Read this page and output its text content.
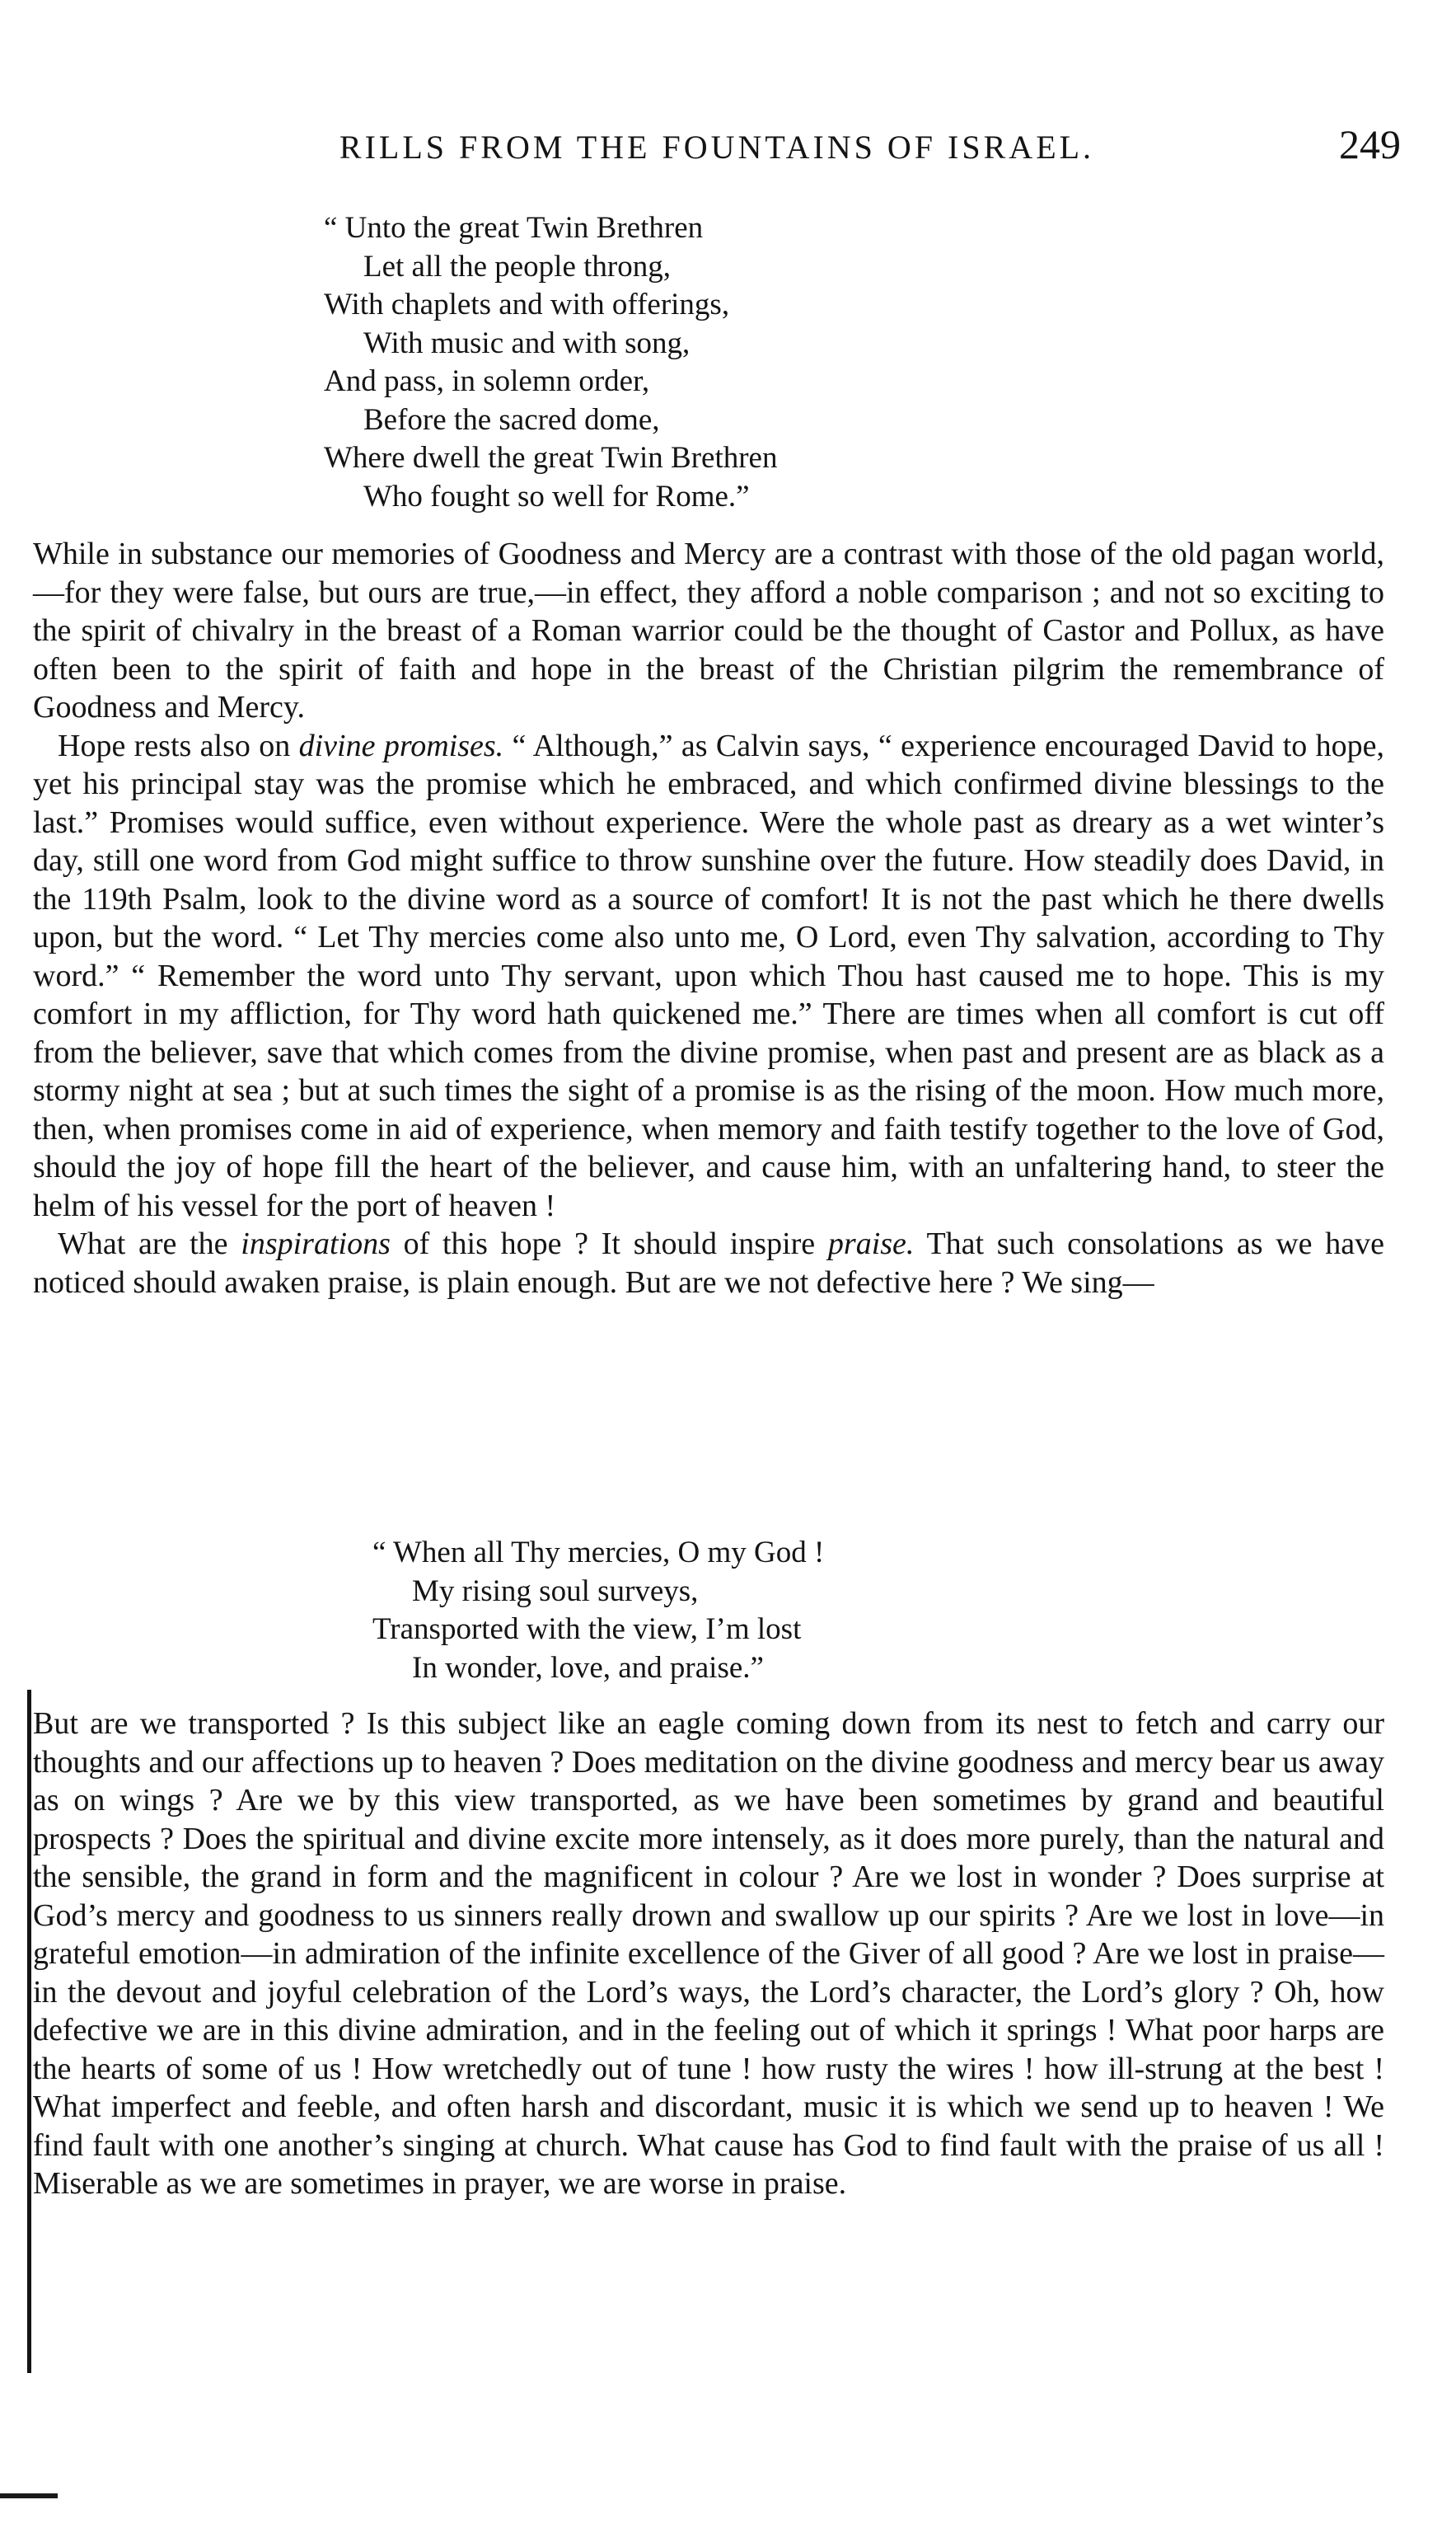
RILLS FROM THE FOUNTAINS OF ISRAEL.	249
“ Unto the great Twin Brethren
Let all the people throng,
With chaplets and with offerings,
With music and with song,
And pass, in solemn order,
Before the sacred dome,
Where dwell the great Twin Brethren
Who fought so well for Rome.”

While in substance our memories of Goodness and Mercy are a contrast with those of the old pagan world,—for they were false, but ours are true,—in effect, they afford a noble comparison ; and not so exciting to the spirit of chivalry in the breast of a Roman warrior could be the thought of Castor and Pollux, as have often been to the spirit of faith and hope in the breast of the Christian pilgrim the remembrance of Goodness and Mercy.

Hope rests also on divine promises. “ Although,” as Calvin says, “ experience encouraged David to hope, yet his principal stay was the promise which he embraced, and which confirmed divine blessings to the last.” Promises would suffice, even without experience. Were the whole past as dreary as a wet winter’s day, still one word from God might suffice to throw sunshine over the future. How steadily does David, in the 119th Psalm, look to the divine word as a source of comfort! It is not the past which he there dwells upon, but the word. “ Let Thy mercies come also unto me, O Lord, even Thy salvation, according to Thy word.” “ Remember the word unto Thy servant, upon which Thou hast caused me to hope. This is my comfort in my affliction, for Thy word hath quickened me.” There are times when all comfort is cut off from the believer, save that which comes from the divine promise, when past and present are as black as a stormy night at sea ; but at such times the sight of a promise is as the rising of the moon. How much more, then, when promises come in aid of experience, when memory and faith testify together to the love of God, should the joy of hope fill the heart of the believer, and cause him, with an unfaltering hand, to steer the helm of his vessel for the port of heaven !

What are the inspirations of this hope ? It should inspire praise. That such consolations as we have noticed should awaken praise, is plain enough. But are we not defective here ? We sing—

“ When all Thy mercies, O my God !
My rising soul surveys,
Transported with the view, I’m lost
In wonder, love, and praise.”

But are we transported ? Is this subject like an eagle coming down from its nest to fetch and carry our thoughts and our affections up to heaven ? Does meditation on the divine goodness and mercy bear us away as on wings ? Are we by this view transported, as we have been sometimes by grand and beautiful prospects ? Does the spiritual and divine excite more intensely, as it does more purely, than the natural and the sensible, the grand in form and the magnificent in colour ? Are we lost in wonder ? Does surprise at God’s mercy and goodness to us sinners really drown and swallow up our spirits ? Are we lost in love—in grateful emotion—in admiration of the infinite excellence of the Giver of all good ? Are we lost in praise—in the devout and joyful celebration of the Lord’s ways, the Lord’s character, the Lord’s glory ? Oh, how defective we are in this divine admiration, and in the feeling out of which it springs ! What poor harps are the hearts of some of us ! How wretchedly out of tune ! how rusty the wires ! how ill-strung at the best ! What imperfect and feeble, and often harsh and discordant, music it is which we send up to heaven ! We find fault with one another’s singing at church. What cause has God to find fault with the praise of us all ! Miserable as we are sometimes in prayer, we are worse in praise.
